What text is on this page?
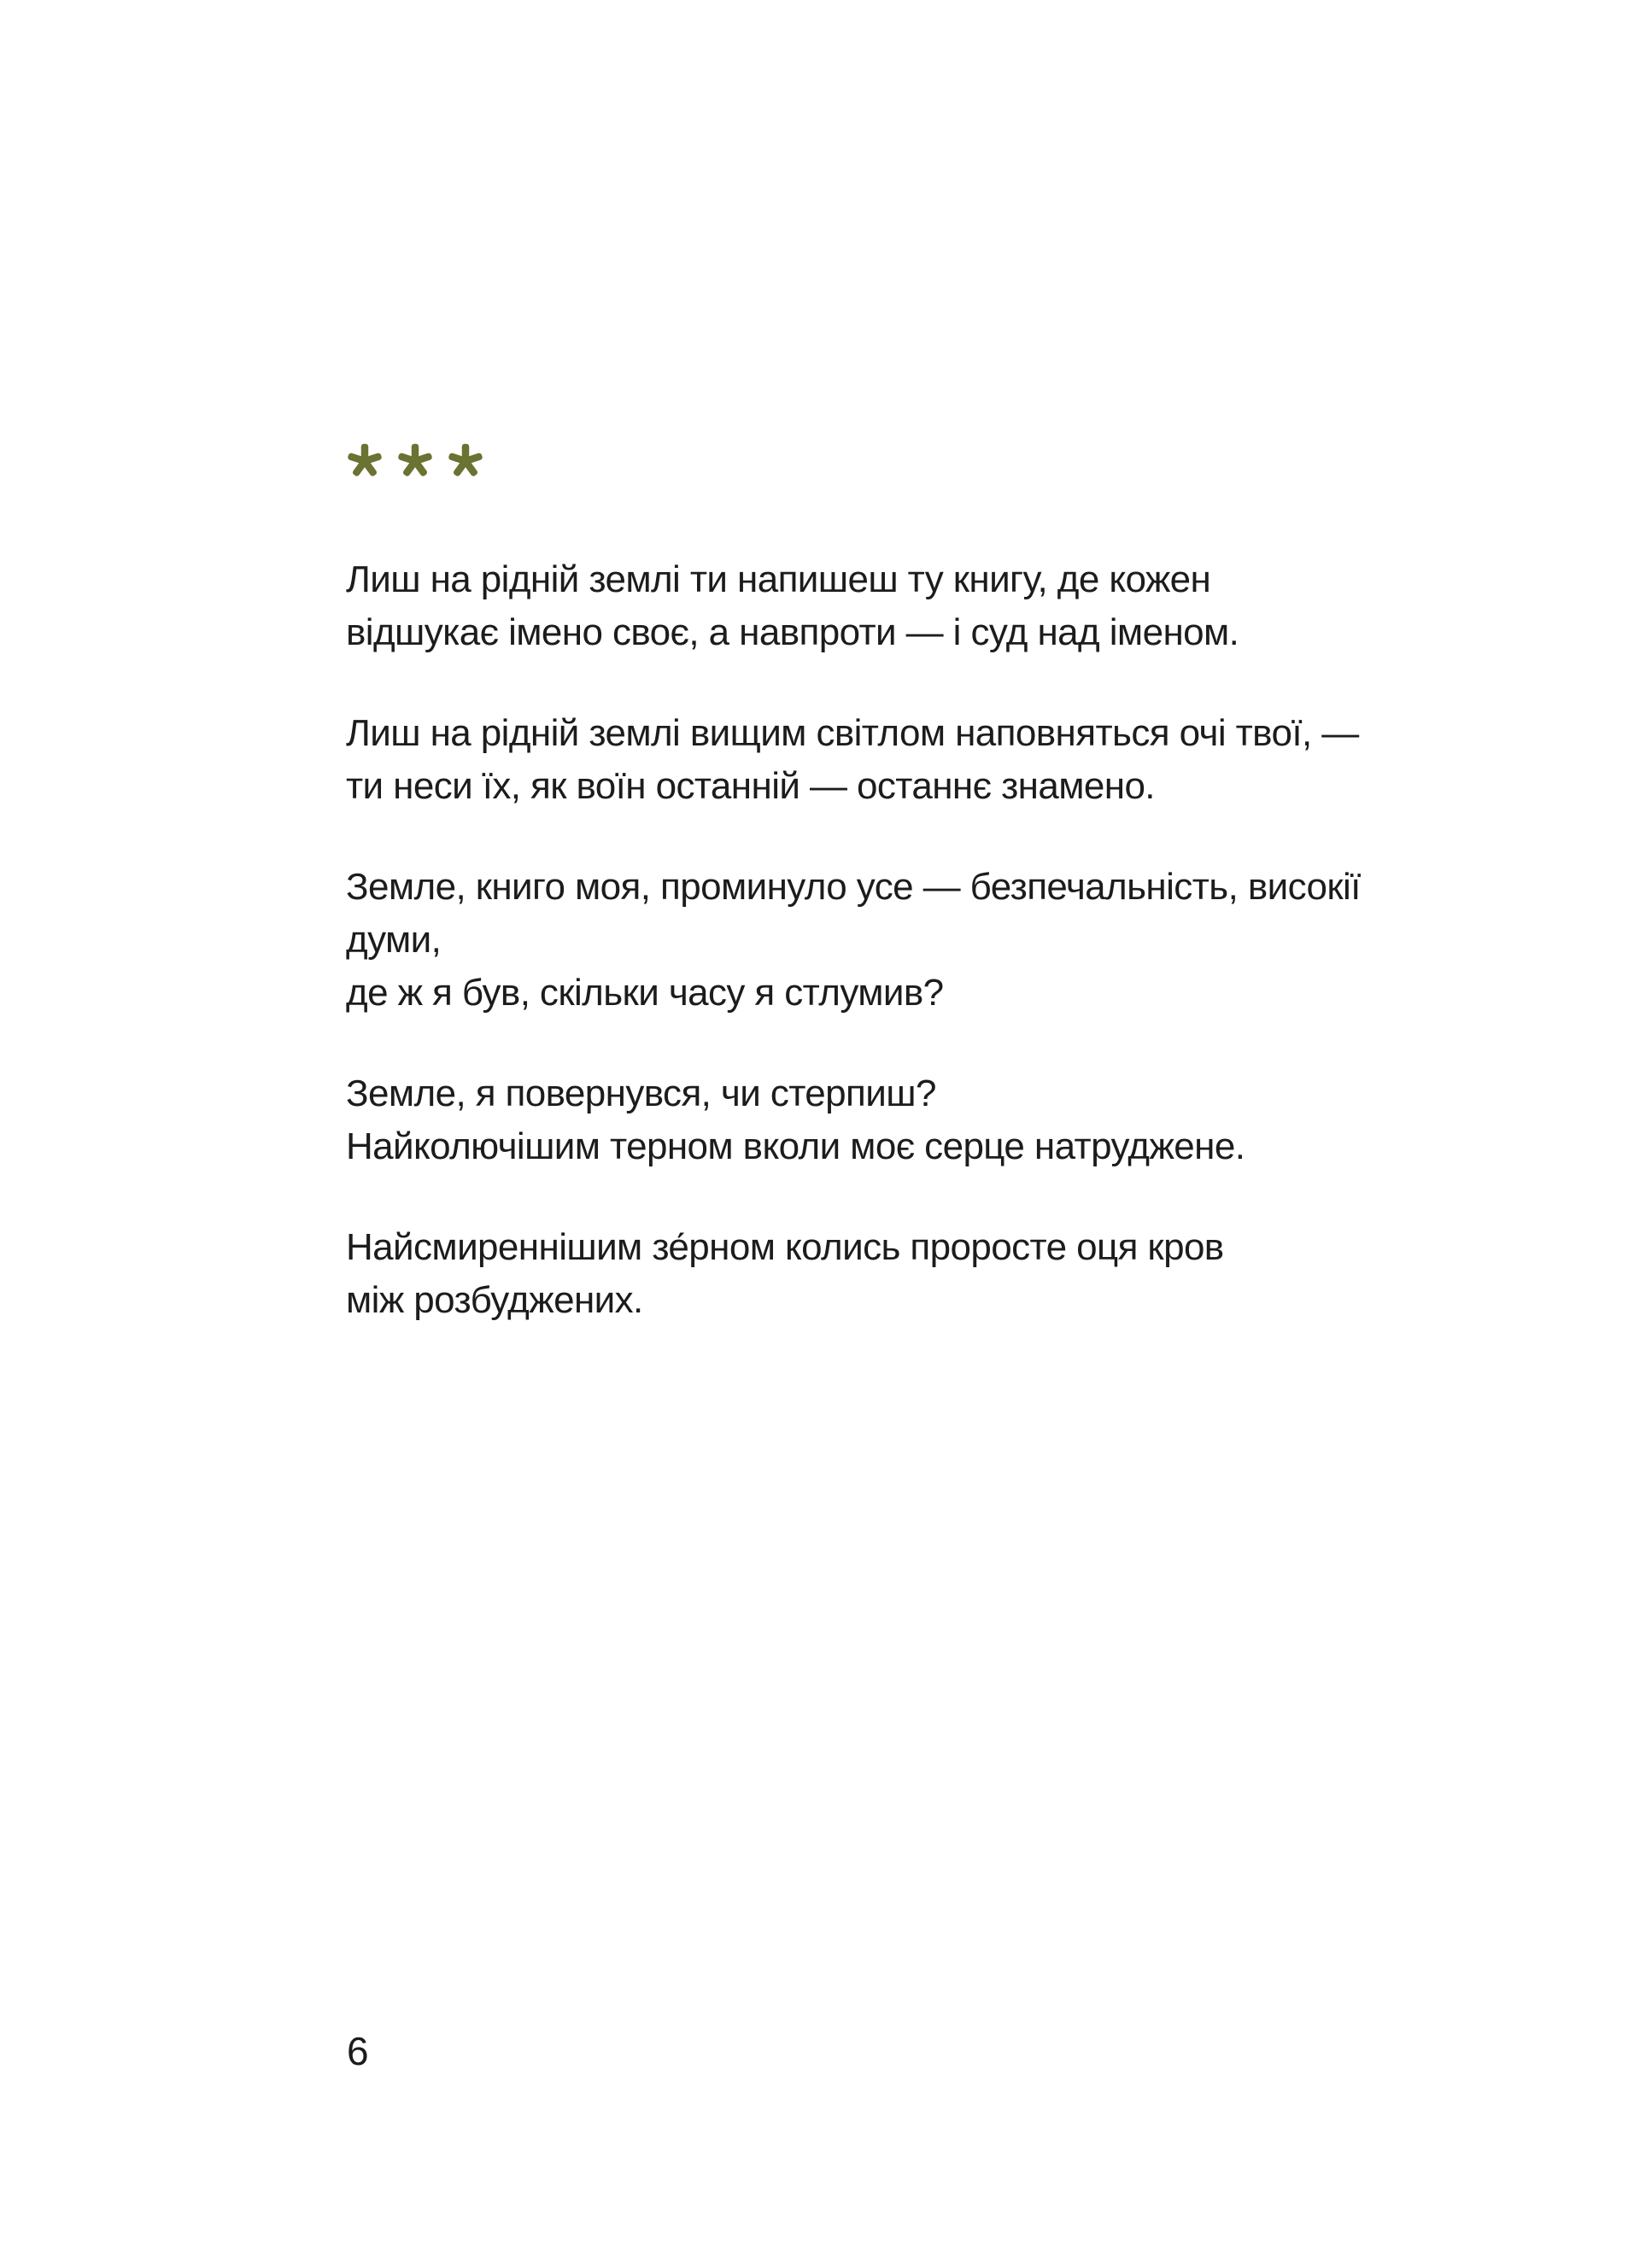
Лиш на рідній землі ти напишеш ту книгу, де кожен
відшукає імено своє, а навпроти — і суд над іменом.
Лиш на рідній землі вищим світлом наповняться очі твої, —
ти неси їх, як воїн останній — останнє знамено.
Земле, книго моя, проминуло усе — безпечальність, високії
думи,
де ж я був, скільки часу я стлумив?
Земле, я повернувся, чи стерпиш?
Найколючішим терном вколи моє серце натруджене.
Найсмиреннішим зе́рном колись проросте оця кров
між розбуджених.
6
